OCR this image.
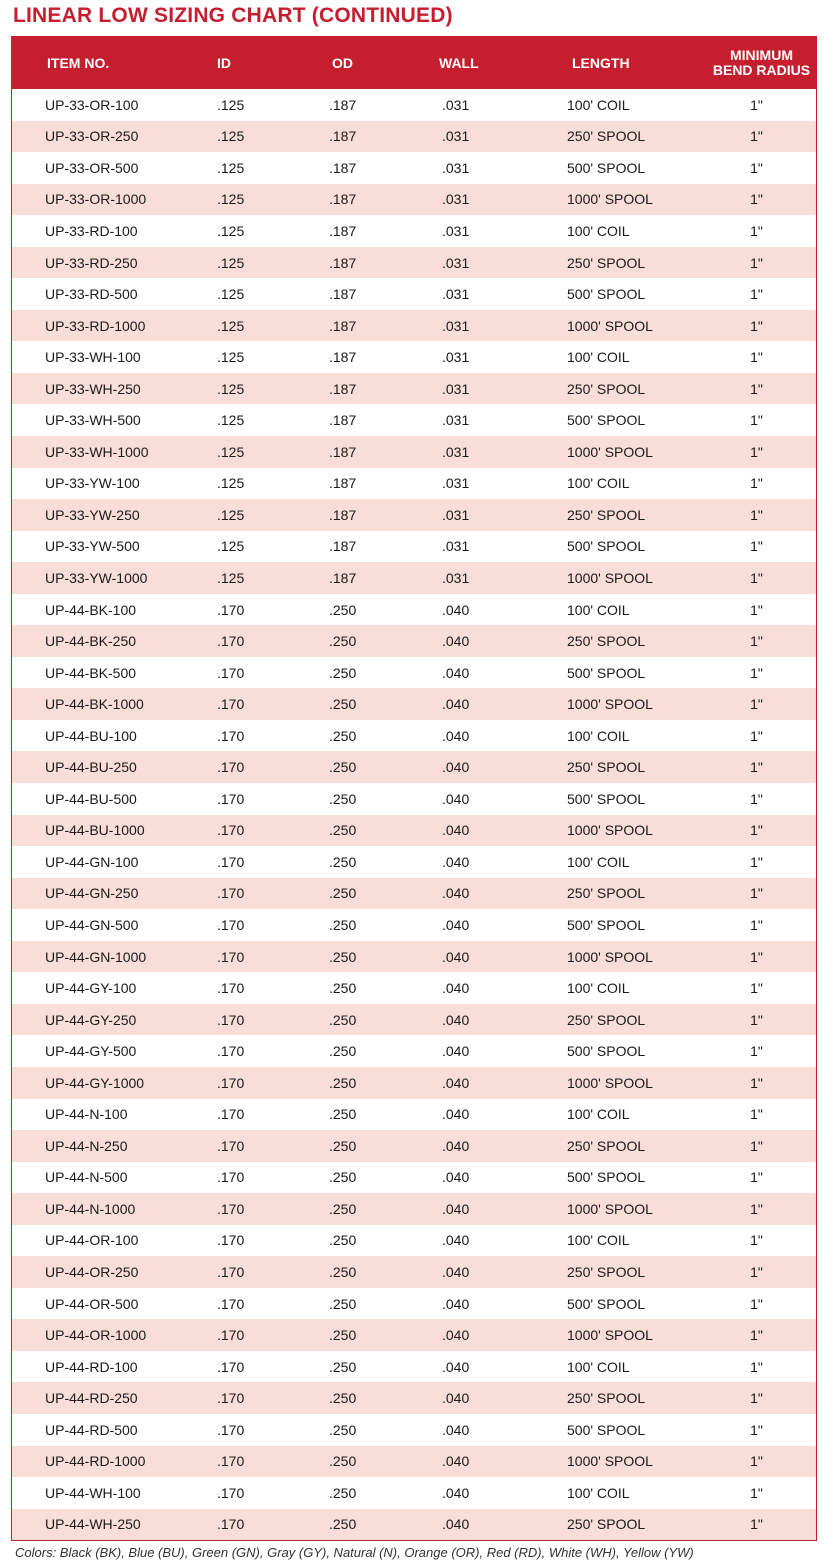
LINEAR LOW SIZING CHART (CONTINUED)
ITEM NO.	ID	OD	WALL	LENGTH	MINIMUM
BEND RADIUS
UP-33-OR-100	.125	.187	.031	100' COIL	1"
UP-33-OR-250	.125	.187	.031	250' SPOOL	1"
UP-33-OR-500	.125	.187	.031	500' SPOOL	1"
UP-33-OR-1000	.125	.187	.031	1000' SPOOL	1"
UP-33-RD-100	.125	.187	.031	100' COIL	1"
UP-33-RD-250	.125	.187	.031	250' SPOOL	1"
UP-33-RD-500	.125	.187	.031	500' SPOOL	1"
UP-33-RD-1000	.125	.187	.031	1000' SPOOL	1"
UP-33-WH-100	.125	.187	.031	100' COIL	1"
UP-33-WH-250	.125	.187	.031	250' SPOOL	1"
UP-33-WH-500	.125	.187	.031	500' SPOOL	1"
UP-33-WH-1000	.125	.187	.031	1000' SPOOL	1"
UP-33-YW-100	.125	.187	.031	100' COIL	1"
UP-33-YW-250	.125	.187	.031	250' SPOOL	1"
UP-33-YW-500	.125	.187	.031	500' SPOOL	1"
UP-33-YW-1000	.125	.187	.031	1000' SPOOL	1"
UP-44-BK-100	.170	.250	.040	100' COIL	1"
UP-44-BK-250	.170	.250	.040	250' SPOOL	1"
UP-44-BK-500	.170	.250	.040	500' SPOOL	1"
UP-44-BK-1000	.170	.250	.040	1000' SPOOL	1"
UP-44-BU-100	.170	.250	.040	100' COIL	1"
UP-44-BU-250	.170	.250	.040	250' SPOOL	1"
UP-44-BU-500	.170	.250	.040	500' SPOOL	1"
UP-44-BU-1000	.170	.250	.040	1000' SPOOL	1"
UP-44-GN-100	.170	.250	.040	100' COIL	1"
UP-44-GN-250	.170	.250	.040	250' SPOOL	1"
UP-44-GN-500	.170	.250	.040	500' SPOOL	1"
UP-44-GN-1000	.170	.250	.040	1000' SPOOL	1"
UP-44-GY-100	.170	.250	.040	100' COIL	1"
UP-44-GY-250	.170	.250	.040	250' SPOOL	1"
UP-44-GY-500	.170	.250	.040	500' SPOOL	1"
UP-44-GY-1000	.170	.250	.040	1000' SPOOL	1"
UP-44-N-100	.170	.250	.040	100' COIL	1"
UP-44-N-250	.170	.250	.040	250' SPOOL	1"
UP-44-N-500	.170	.250	.040	500' SPOOL	1"
UP-44-N-1000	.170	.250	.040	1000' SPOOL	1"
UP-44-OR-100	.170	.250	.040	100' COIL	1"
UP-44-OR-250	.170	.250	.040	250' SPOOL	1"
UP-44-OR-500	.170	.250	.040	500' SPOOL	1"
UP-44-OR-1000	.170	.250	.040	1000' SPOOL	1"
UP-44-RD-100	.170	.250	.040	100' COIL	1"
UP-44-RD-250	.170	.250	.040	250' SPOOL	1"
UP-44-RD-500	.170	.250	.040	500' SPOOL	1"
UP-44-RD-1000	.170	.250	.040	1000' SPOOL	1"
UP-44-WH-100	.170	.250	.040	100' COIL	1"
UP-44-WH-250	.170	.250	.040	250' SPOOL	1"
Colors: Black (BK), Blue (BU), Green (GN), Gray (GY), Natural (N), Orange (OR), Red (RD), White (WH), Yellow (YW)
